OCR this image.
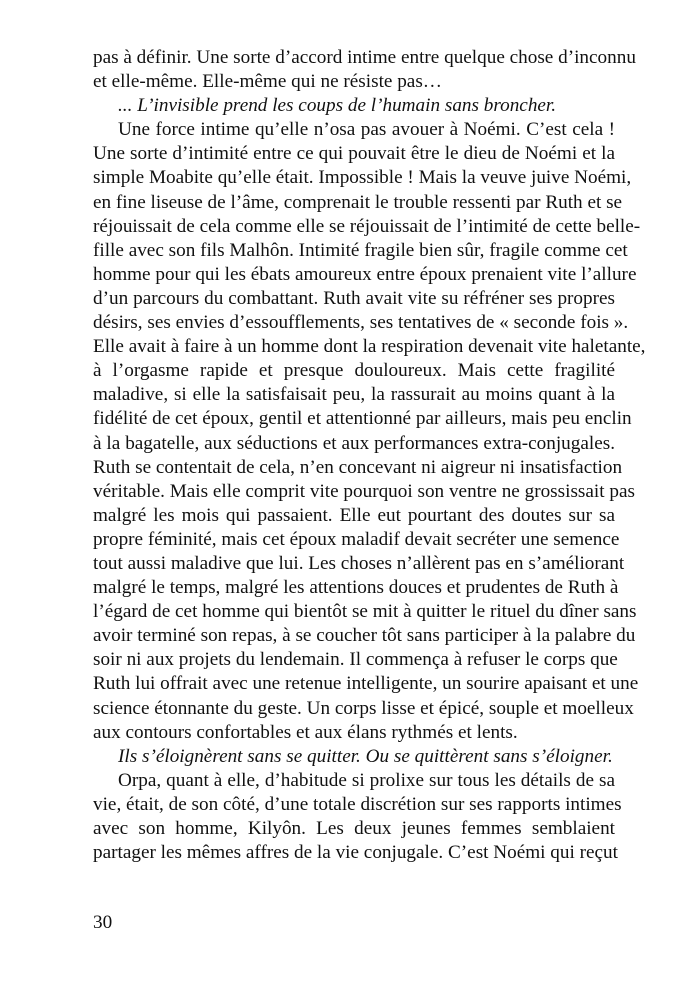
pas à définir. Une sorte d’accord intime entre quelque chose d’inconnu
et elle-même. Elle-même qui ne résiste pas…
... L’invisible prend les coups de l’humain sans broncher.
Une force intime qu’elle n’osa pas avouer à Noémi. C’est cela !
Une sorte d’intimité entre ce qui pouvait être le dieu de Noémi et la
simple Moabite qu’elle était. Impossible ! Mais la veuve juive Noémi,
en fine liseuse de l’âme, comprenait le trouble ressenti par Ruth et se
réjouissait de cela comme elle se réjouissait de l’intimité de cette belle-
fille avec son fils Malhôn. Intimité fragile bien sûr, fragile comme cet
homme pour qui les ébats amoureux entre époux prenaient vite l’allure
d’un parcours du combattant. Ruth avait vite su réfréner ses propres
désirs, ses envies d’essoufflements, ses tentatives de « seconde fois ».
Elle avait à faire à un homme dont la respiration devenait vite haletante,
à l’orgasme rapide et presque douloureux. Mais cette fragilité
maladive, si elle la satisfaisait peu, la rassurait au moins quant à la
fidélité de cet époux, gentil et attentionné par ailleurs, mais peu enclin
à la bagatelle, aux séductions et aux performances extra-conjugales.
Ruth se contentait de cela, n’en concevant ni aigreur ni insatisfaction
véritable. Mais elle comprit vite pourquoi son ventre ne grossissait pas
malgré les mois qui passaient. Elle eut pourtant des doutes sur sa
propre féminité, mais cet époux maladif devait secréter une semence
tout aussi maladive que lui. Les choses n’allèrent pas en s’améliorant
malgré le temps, malgré les attentions douces et prudentes de Ruth à
l’égard de cet homme qui bientôt se mit à quitter le rituel du dîner sans
avoir terminé son repas, à se coucher tôt sans participer à la palabre du
soir ni aux projets du lendemain. Il commença à refuser le corps que
Ruth lui offrait avec une retenue intelligente, un sourire apaisant et une
science étonnante du geste. Un corps lisse et épicé, souple et moelleux
aux contours confortables et aux élans rythmés et lents.
Ils s’éloignèrent sans se quitter. Ou se quittèrent sans s’éloigner.
Orpa, quant à elle, d’habitude si prolixe sur tous les détails de sa
vie, était, de son côté, d’une totale discrétion sur ses rapports intimes
avec son homme, Kilyôn. Les deux jeunes femmes semblaient
partager les mêmes affres de la vie conjugale. C’est Noémi qui reçut
30
